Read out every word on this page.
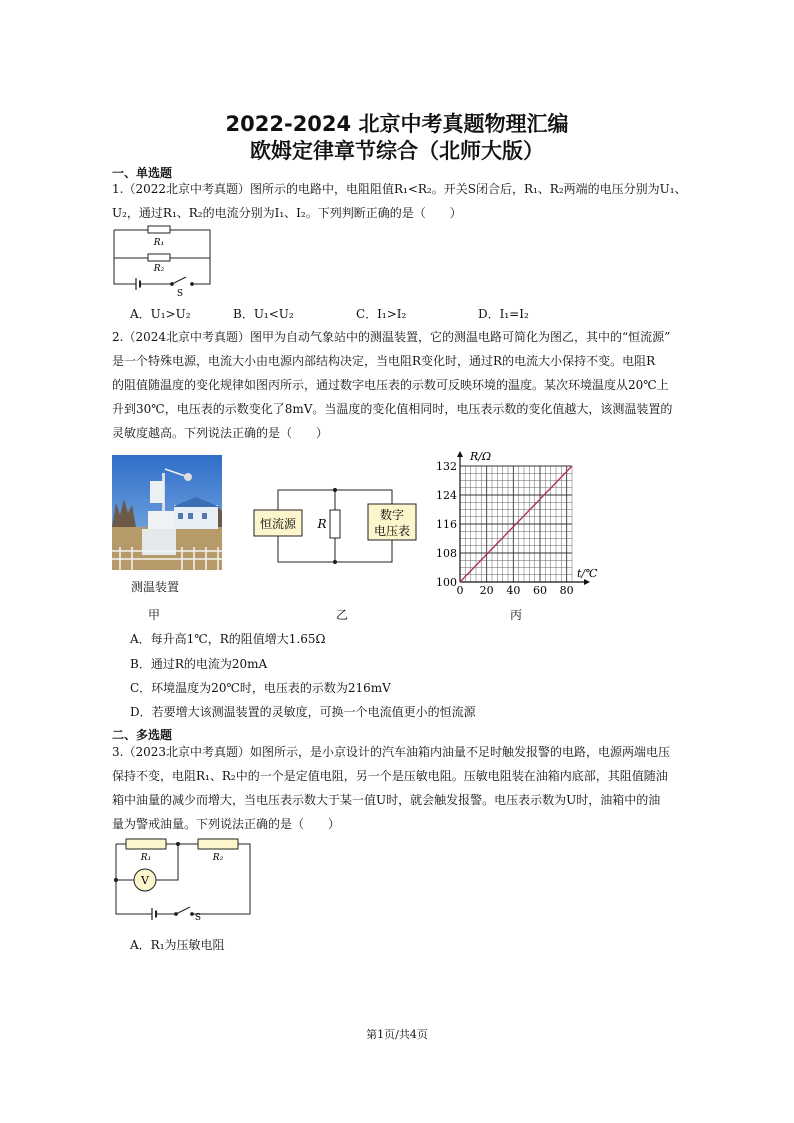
2022-2024 北京中考真题物理汇编
欧姆定律章节综合（北师大版）
一、单选题
1.（2022北京中考真题）图所示的电路中，电阻阻值R₁<R₂。开关S闭合后，R₁、R₂两端的电压分别为U₁、
U₂，通过R₁、R₂的电流分别为I₁、I₂。下列判断正确的是（　　）
R₁
R₂
S
A．U₁>U₂	B．U₁<U₂	C．I₁>I₂	D．I₁=I₂
2.（2024北京中考真题）图甲为自动气象站中的测温装置，它的测温电路可简化为图乙，其中的“恒流源”
是一个特殊电源，电流大小由电源内部结构决定，当电阻R变化时，通过R的电流大小保持不变。电阻R
的阻值随温度的变化规律如图丙所示，通过数字电压表的示数可反映环境的温度。某次环境温度从20℃上
升到30℃，电压表的示数变化了8mV。当温度的变化值相同时，电压表示数的变化值越大，该测温装置的
灵敏度越高。下列说法正确的是（　　）
测温装置
恒流源 R
数字
电压表
0 20 40 60 80
100
108
116
124
132
R/Ω
t/℃
甲	乙	丙
A．每升高1℃，R的阻值增大1.65Ω
B．通过R的电流为20mA
C．环境温度为20℃时，电压表的示数为216mV
D．若要增大该测温装置的灵敏度，可换一个电流值更小的恒流源
二、多选题
3.（2023北京中考真题）如图所示，是小京设计的汽车油箱内油量不足时触发报警的电路，电源两端电压
保持不变，电阻R₁、R₂中的一个是定值电阻，另一个是压敏电阻。压敏电阻装在油箱内底部，其阻值随油
箱中油量的减少而增大，当电压表示数大于某一值U时，就会触发报警。电压表示数为U时，油箱中的油
量为警戒油量。下列说法正确的是（　　）
R₁	R₂
V
S
A．R₁为压敏电阻
第1页/共4页
